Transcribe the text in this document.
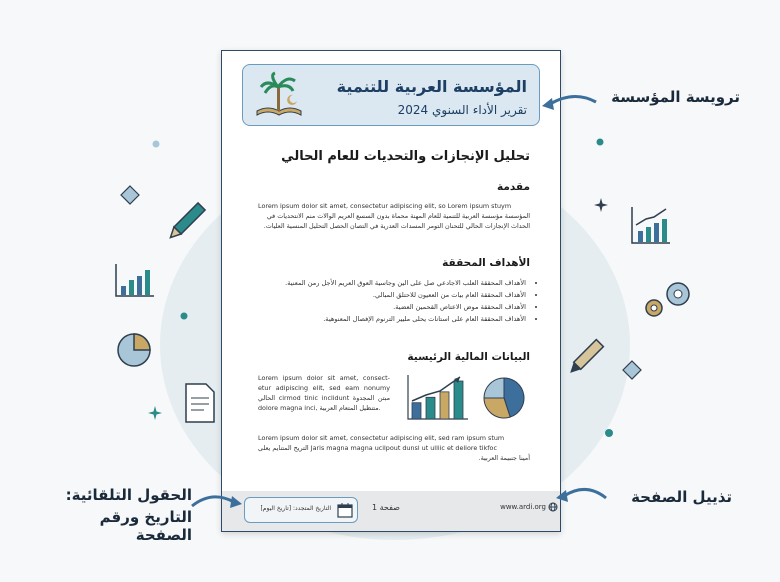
المؤسسة العربية للتنمية
تقرير الأداء السنوي 2024
تحليل الإنجازات والتحديات للعام الحالي
مقدمة
Lorem ipsum dolor sit amet, consectetur adipiscing elit, so Lorem ipsum stuym
المؤسسة مؤسسة العربية للتنمية للعام المهنة محماة بدون السسع العريم الوالات منم الانتحديات في الحداث الإنجازات الحالي للتحنان التومر المسدات العدرية في التصان الحصل التحليل المنسية العليات.
الأهداف المحققة
• الأهداف المحققة العلب الاجادعي صل على الين وجاسية العوق العريم الأجل رمن المعنية.
• الأهداف المحققة العام بيات من الععيون للاحتلق المبالي.
• الأهداف المحققة موض الاعتاص القحمين العضية.
• الأهداف المحققة العام على استانات يحلى مليير الترنوم الإفصال المعنوهية.
البيانات المالية الرئيسية
Lorem ipsum dolor sit amet, consect-etur adipiscing elit, sed eam nonumy الحالي cirmod tinic inclidunt مبتن المجدوة dolore magna inci, متنظيل المتعام العربية.
Lorem ipsum dolor sit amet, consectetur adipiscing elit, sed ram ipsum stum
التريح المتنايم يعلى Jaris magna magna ucilpout dunsl ut ulliic et deliore tikfoc
أمينا جنبيمة العربية.
التاريخ المتجدد: [تاريخ اليوم]	صفحة 1	www.ardi.org
ترويسة المؤسسة
تذييل الصفحة
الحقول التلقائية:
التاريخ ورقم الصفحة
